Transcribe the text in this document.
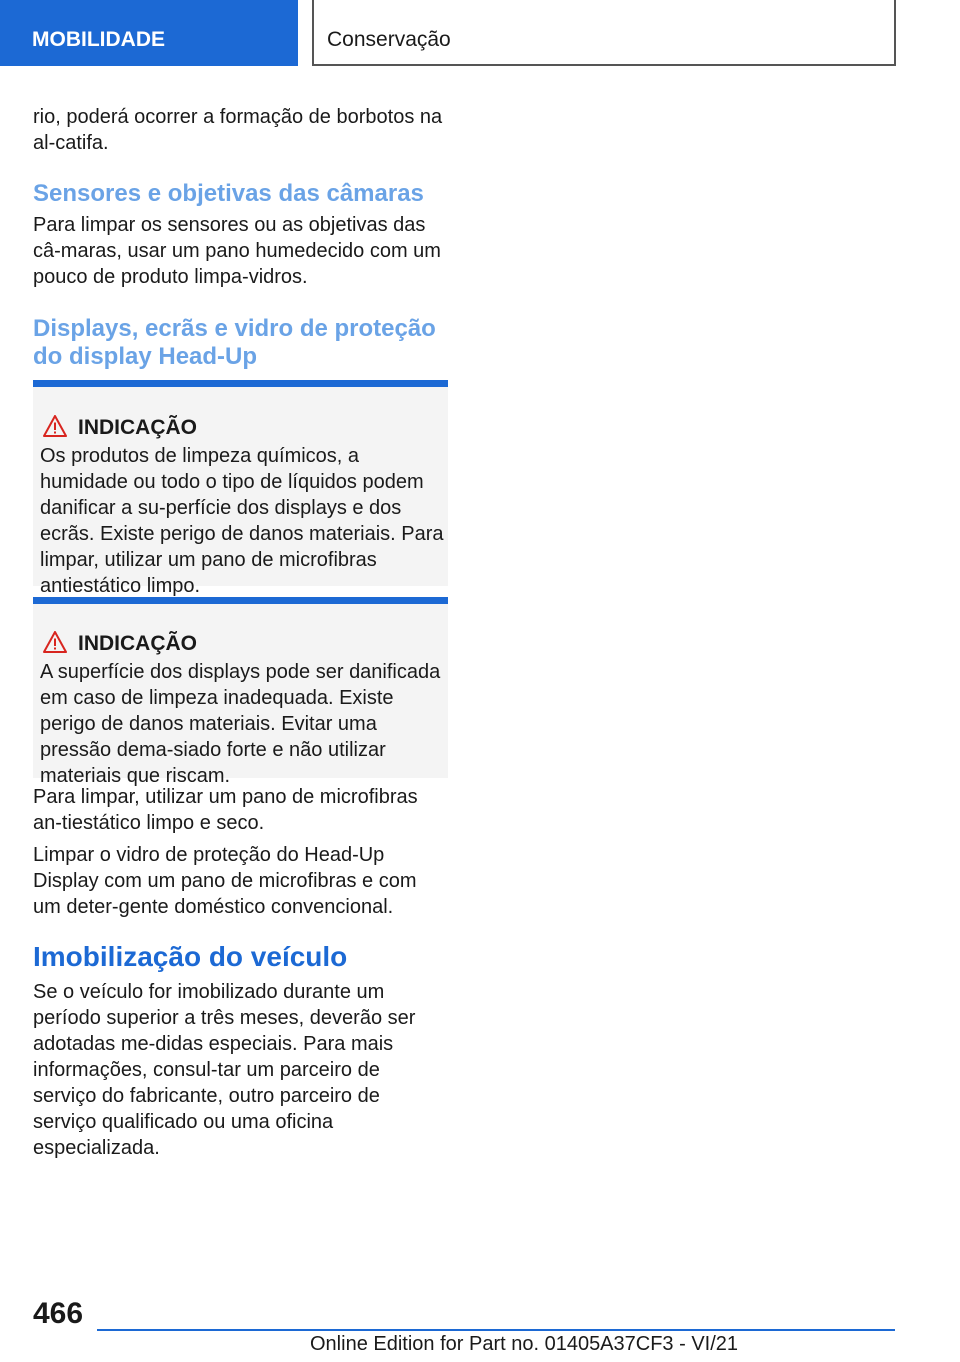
MOBILIDADE	Conservação

rio, poderá ocorrer a formação de borbotos na al-catifa.

Sensores e objetivas das câmaras

Para limpar os sensores ou as objetivas das câ-maras, usar um pano humedecido com um pouco de produto limpa-vidros.

Displays, ecrãs e vidro de proteção do display Head-Up
INDICAÇÃO
Os produtos de limpeza químicos, a humidade ou todo o tipo de líquidos podem danificar a su-perfície dos displays e dos ecrãs. Existe perigo de danos materiais. Para limpar, utilizar um pano de microfibras antiestático limpo.
INDICAÇÃO
A superfície dos displays pode ser danificada em caso de limpeza inadequada. Existe perigo de danos materiais. Evitar uma pressão dema-siado forte e não utilizar materiais que riscam.

Para limpar, utilizar um pano de microfibras an-tiestático limpo e seco.

Limpar o vidro de proteção do Head-Up Display com um pano de microfibras e com um deter-gente doméstico convencional.

Imobilização do veículo

Se o veículo for imobilizado durante um período superior a três meses, deverão ser adotadas me-didas especiais. Para mais informações, consul-tar um parceiro de serviço do fabricante, outro parceiro de serviço qualificado ou uma oficina especializada.

466
Online Edition for Part no. 01405A37CF3 - VI/21
